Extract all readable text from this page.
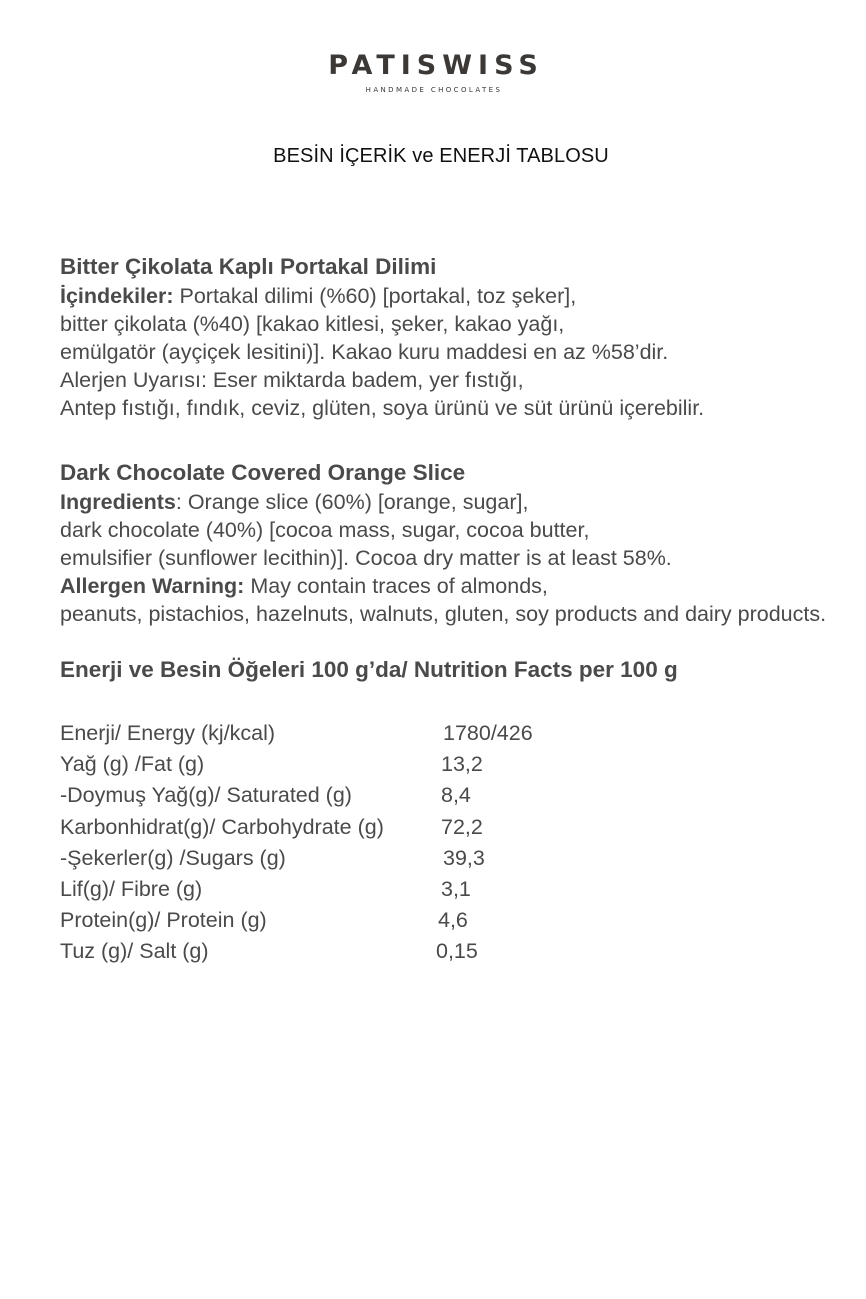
PATISWISS
HANDMADE CHOCOLATES
BESİN İÇERİK ve ENERJİ TABLOSU
Bitter Çikolata Kaplı Portakal Dilimi
İçindekiler: Portakal dilimi (%60) [portakal, toz şeker],
bitter çikolata (%40) [kakao kitlesi, şeker, kakao yağı,
emülgatör (ayçiçek lesitini)]. Kakao kuru maddesi en az %58’dir.
Alerjen Uyarısı: Eser miktarda badem, yer fıstığı,
Antep fıstığı, fındık, ceviz, glüten, soya ürünü ve süt ürünü içerebilir.
Dark Chocolate Covered Orange Slice
Ingredients: Orange slice (60%) [orange, sugar],
dark chocolate (40%) [cocoa mass, sugar, cocoa butter,
emulsifier (sunflower lecithin)]. Cocoa dry matter is at least 58%.
Allergen Warning: May contain traces of almonds,
peanuts, pistachios, hazelnuts, walnuts, gluten, soy products and dairy products.
Enerji ve Besin Öğeleri 100 g’da/ Nutrition Facts per 100 g
Enerji/ Energy (kj/kcal)	1780/426
Yağ (g) /Fat (g)	13,2
-Doymuş Yağ(g)/ Saturated (g)	8,4
Karbonhidrat(g)/ Carbohydrate (g)	72,2
-Şekerler(g) /Sugars (g)	39,3
Lif(g)/ Fibre (g)	3,1
Protein(g)/ Protein (g)	4,6
Tuz (g)/ Salt (g)	0,15
